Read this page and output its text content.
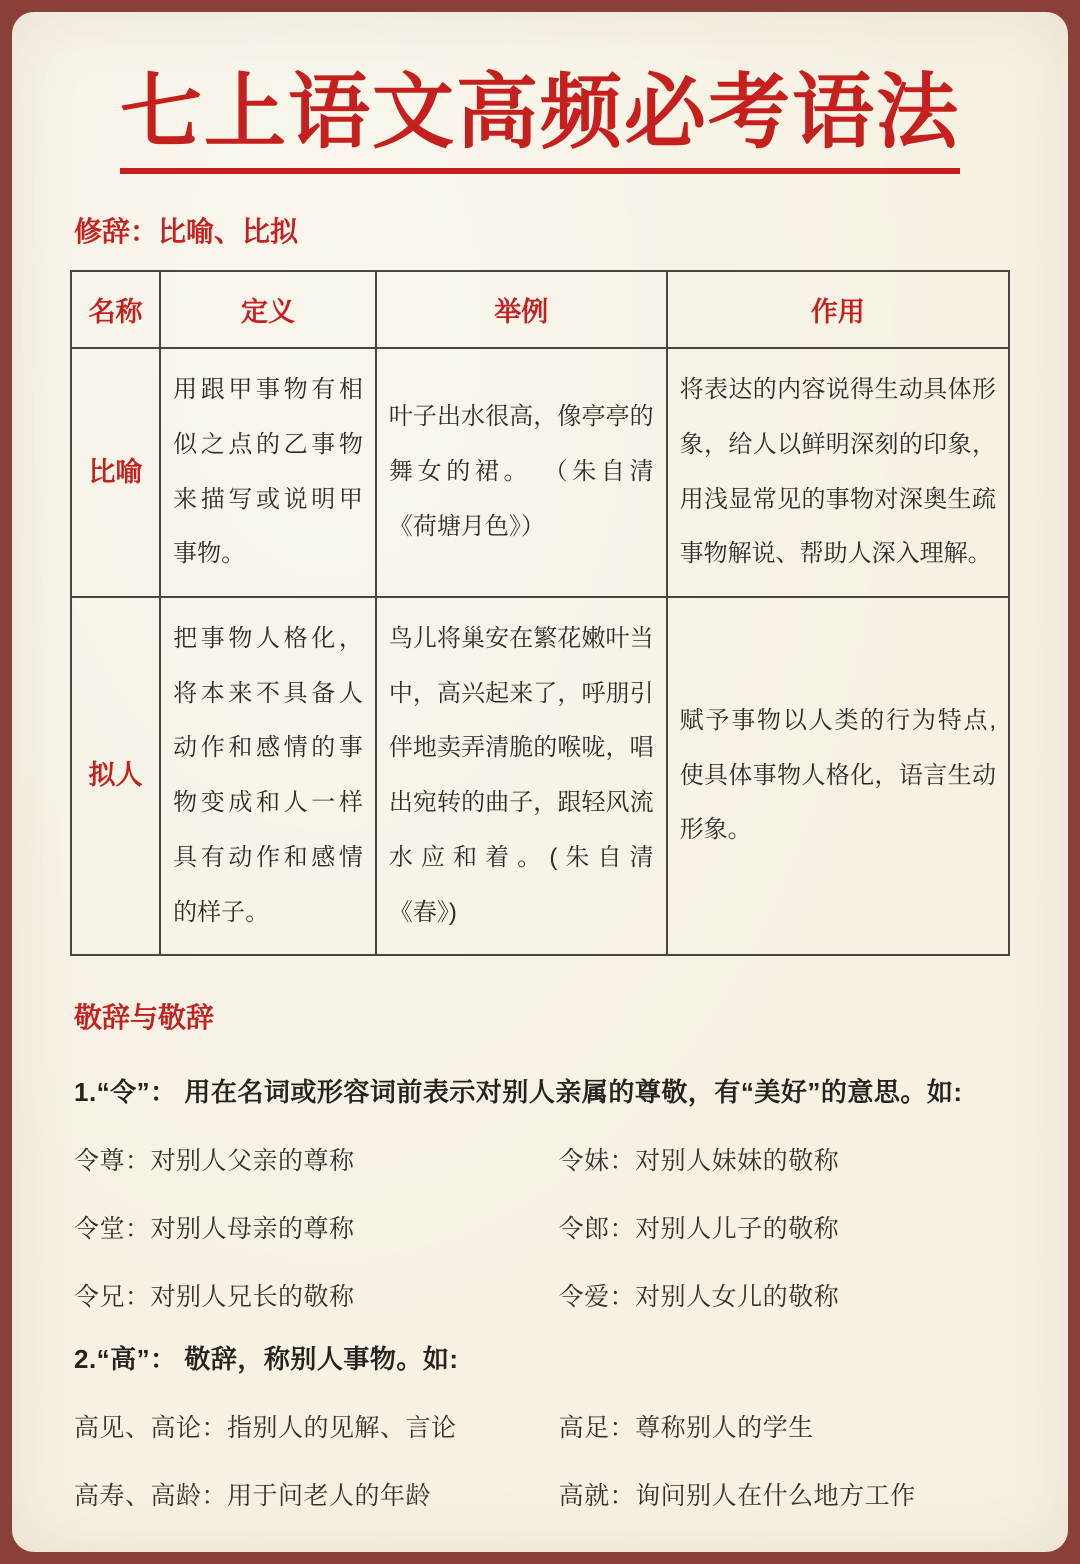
七上语文高频必考语法
修辞：比喻、比拟
名称	定义	举例	作用
比喻	用跟甲事物有相似之点的乙事物来描写或说明甲事物。	叶子出水很高，像亭亭的舞女的裙。 （朱自清《荷塘月色》）	将表达的内容说得生动具体形象，给人以鲜明深刻的印象，用浅显常见的事物对深奥生疏事物解说、帮助人深入理解。
拟人	把事物人格化，将本来不具备人动作和感情的事物变成和人一样具有动作和感情的样子。	鸟儿将巢安在繁花嫩叶当中，高兴起来了，呼朋引伴地卖弄清脆的喉咙，唱出宛转的曲子，跟轻风流水应和着。(朱自清《春》)	赋予事物以人类的行为特点, 使具体事物人格化，语言生动形象。
敬辞与敬辞

1.“令”： 用在名词或形容词前表示对别人亲属的尊敬，有“美好”的意思。如:

令尊：对别人父亲的尊称	令妹：对别人妹妹的敬称
令堂：对别人母亲的尊称	令郎：对别人儿子的敬称
令兄：对别人兄长的敬称	令爱：对别人女儿的敬称

2.“高”： 敬辞，称别人事物。如:

高见、高论：指别人的见解、言论	高足：尊称别人的学生
高寿、高龄：用于问老人的年龄	高就：询问别人在什么地方工作
